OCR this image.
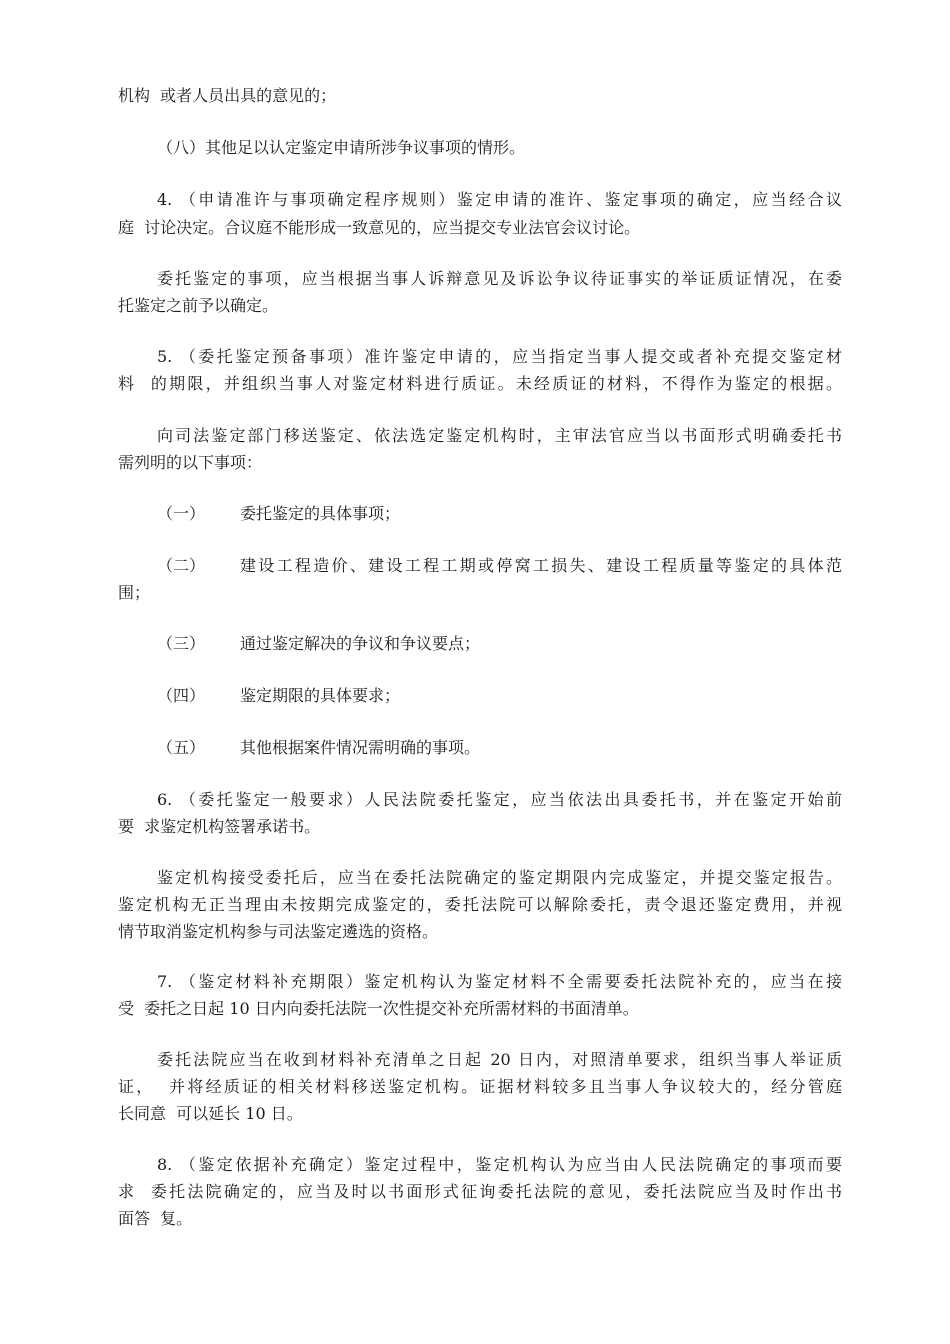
机构  或者人员出具的意见的；
（八）其他足以认定鉴定申请所涉争议事项的情形。
4. （申请准许与事项确定程序规则）鉴定申请的准许、鉴定事项的确定，应当经合议
庭  讨论决定。合议庭不能形成一致意见的，应当提交专业法官会议讨论。
委托鉴定的事项，应当根据当事人诉辩意见及诉讼争议待证事实的举证质证情况，在委
托鉴定之前予以确定。
5. （委托鉴定预备事项）准许鉴定申请的，应当指定当事人提交或者补充提交鉴定材
料  的期限，并组织当事人对鉴定材料进行质证。未经质证的材料，不得作为鉴定的根据。
向司法鉴定部门移送鉴定、依法选定鉴定机构时，主审法官应当以书面形式明确委托书
需列明的以下事项：
（一） 委托鉴定的具体事项；
（二） 建设工程造价、建设工程工期或停窝工损失、建设工程质量等鉴定的具体范
围；
（三） 通过鉴定解决的争议和争议要点；
（四） 鉴定期限的具体要求；
（五） 其他根据案件情况需明确的事项。
6. （委托鉴定一般要求）人民法院委托鉴定，应当依法出具委托书，并在鉴定开始前
要  求鉴定机构签署承诺书。
鉴定机构接受委托后，应当在委托法院确定的鉴定期限内完成鉴定，并提交鉴定报告。
鉴定机构无正当理由未按期完成鉴定的，委托法院可以解除委托，责令退还鉴定费用，并视
情节取消鉴定机构参与司法鉴定遴选的资格。
7. （鉴定材料补充期限）鉴定机构认为鉴定材料不全需要委托法院补充的，应当在接
受  委托之日起 10 日内向委托法院一次性提交补充所需材料的书面清单。
委托法院应当在收到材料补充清单之日起 20 日内，对照清单要求，组织当事人举证质
证，  并将经质证的相关材料移送鉴定机构。证据材料较多且当事人争议较大的，经分管庭
长同意  可以延长 10 日。
8. （鉴定依据补充确定）鉴定过程中，鉴定机构认为应当由人民法院确定的事项而要
求  委托法院确定的，应当及时以书面形式征询委托法院的意见，委托法院应当及时作出书
面答  复。
